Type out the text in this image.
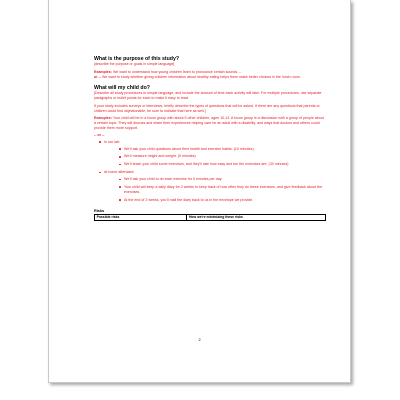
What is the purpose of this study?

[describe the purpose or goals in simple language]

Examples: We want to understand how young children learn to pronounce certain sounds. --
or -- We want to study whether giving children information about healthy eating helps them make better choices in the lunch room.

What will my child do?

[Describe all study procedures in simple language, and include the amount of time each activity will take. For multiple procedures, use separate paragraphs or bullet points for each to make it easy to read.

If your study includes surveys or interviews, briefly describe the types of questions that will be asked. If there are any questions that parents or children could find objectionable, be sure to indicate that here as well.]

Examples: Your child will be in a focus group with about 5 other children, ages 10-13. A focus group is a discussion with a group of people about a certain topic. They will discuss and share their experiences helping care for an adult with a disability, and ways that doctors and others could provide them more support.

-- or --

In our lab:
We'll ask your child questions about their health and exercise habits. (10 minutes)
We'll measure height and weight. (5 minutes)
We'll teach your child some exercises, and they'll rate how easy and fun the exercises are. (30 minutes)
At home afterward:
We'll ask your child to do each exercise for 5 minutes per day.
Your child will keep a daily diary for 2 weeks to keep track of how often they do these exercises, and give feedback about the exercises.
At the end of 2 weeks, you'll mail the diary back to us in the envelope we provide.

Risks

Possible risks	How we're minimizing these risks
2
